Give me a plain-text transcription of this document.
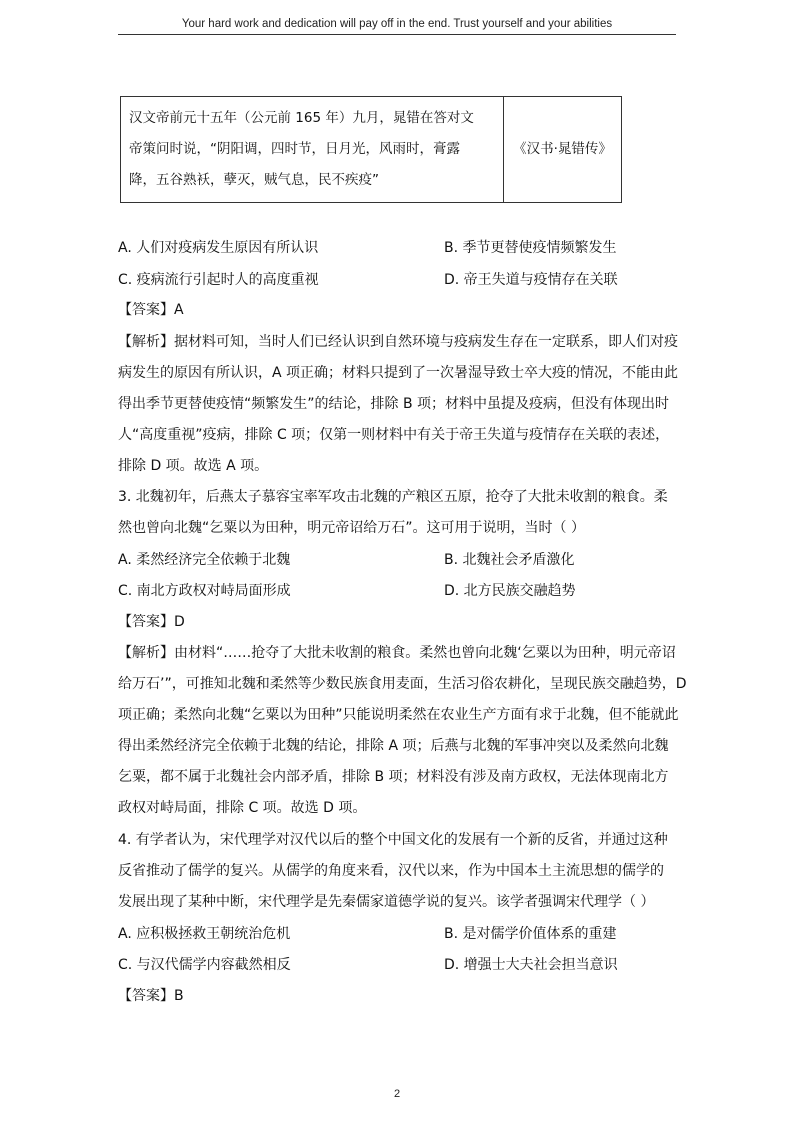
Your hard work and dedication will pay off in the end. Trust yourself and your abilities
汉文帝前元十五年（公元前 165 年）九月，晁错在答对文
帝策问时说，“阴阳调，四时节，日月光，风雨时，膏露
降，五谷熟袄，孽灭，贼气息，民不疾疫”
	《汉书·晁错传》
A. 人们对疫病发生原因有所认识	B. 季节更替使疫情频繁发生
C. 疫病流行引起时人的高度重视	D. 帝王失道与疫情存在关联
【答案】A
【解析】据材料可知，当时人们已经认识到自然环境与疫病发生存在一定联系，即人们对疫
病发生的原因有所认识，A 项正确；材料只提到了一次暑湿导致士卒大疫的情况，不能由此
得出季节更替使疫情“频繁发生”的结论，排除 B 项；材料中虽提及疫病，但没有体现出时
人“高度重视”疫病，排除 C 项；仅第一则材料中有关于帝王失道与疫情存在关联的表述，
排除 D 项。故选 A 项。
3. 北魏初年，后燕太子慕容宝率军攻击北魏的产粮区五原，抢夺了大批未收割的粮食。柔
然也曾向北魏“乞粟以为田种，明元帝诏给万石”。这可用于说明，当时（ ）
A. 柔然经济完全依赖于北魏	B. 北魏社会矛盾激化
C. 南北方政权对峙局面形成	D. 北方民族交融趋势
【答案】D
【解析】由材料“……抢夺了大批未收割的粮食。柔然也曾向北魏‘乞粟以为田种，明元帝诏
给万石’”，可推知北魏和柔然等少数民族食用麦面，生活习俗农耕化，呈现民族交融趋势，D
项正确；柔然向北魏“乞粟以为田种”只能说明柔然在农业生产方面有求于北魏，但不能就此
得出柔然经济完全依赖于北魏的结论，排除 A 项；后燕与北魏的军事冲突以及柔然向北魏
乞粟，都不属于北魏社会内部矛盾，排除 B 项；材料没有涉及南方政权，无法体现南北方
政权对峙局面，排除 C 项。故选 D 项。
4. 有学者认为，宋代理学对汉代以后的整个中国文化的发展有一个新的反省，并通过这种
反省推动了儒学的复兴。从儒学的角度来看，汉代以来，作为中国本土主流思想的儒学的
发展出现了某种中断，宋代理学是先秦儒家道德学说的复兴。该学者强调宋代理学（ ）
A. 应积极拯救王朝统治危机	B. 是对儒学价值体系的重建
C. 与汉代儒学内容截然相反	D. 增强士大夫社会担当意识
【答案】B
2
